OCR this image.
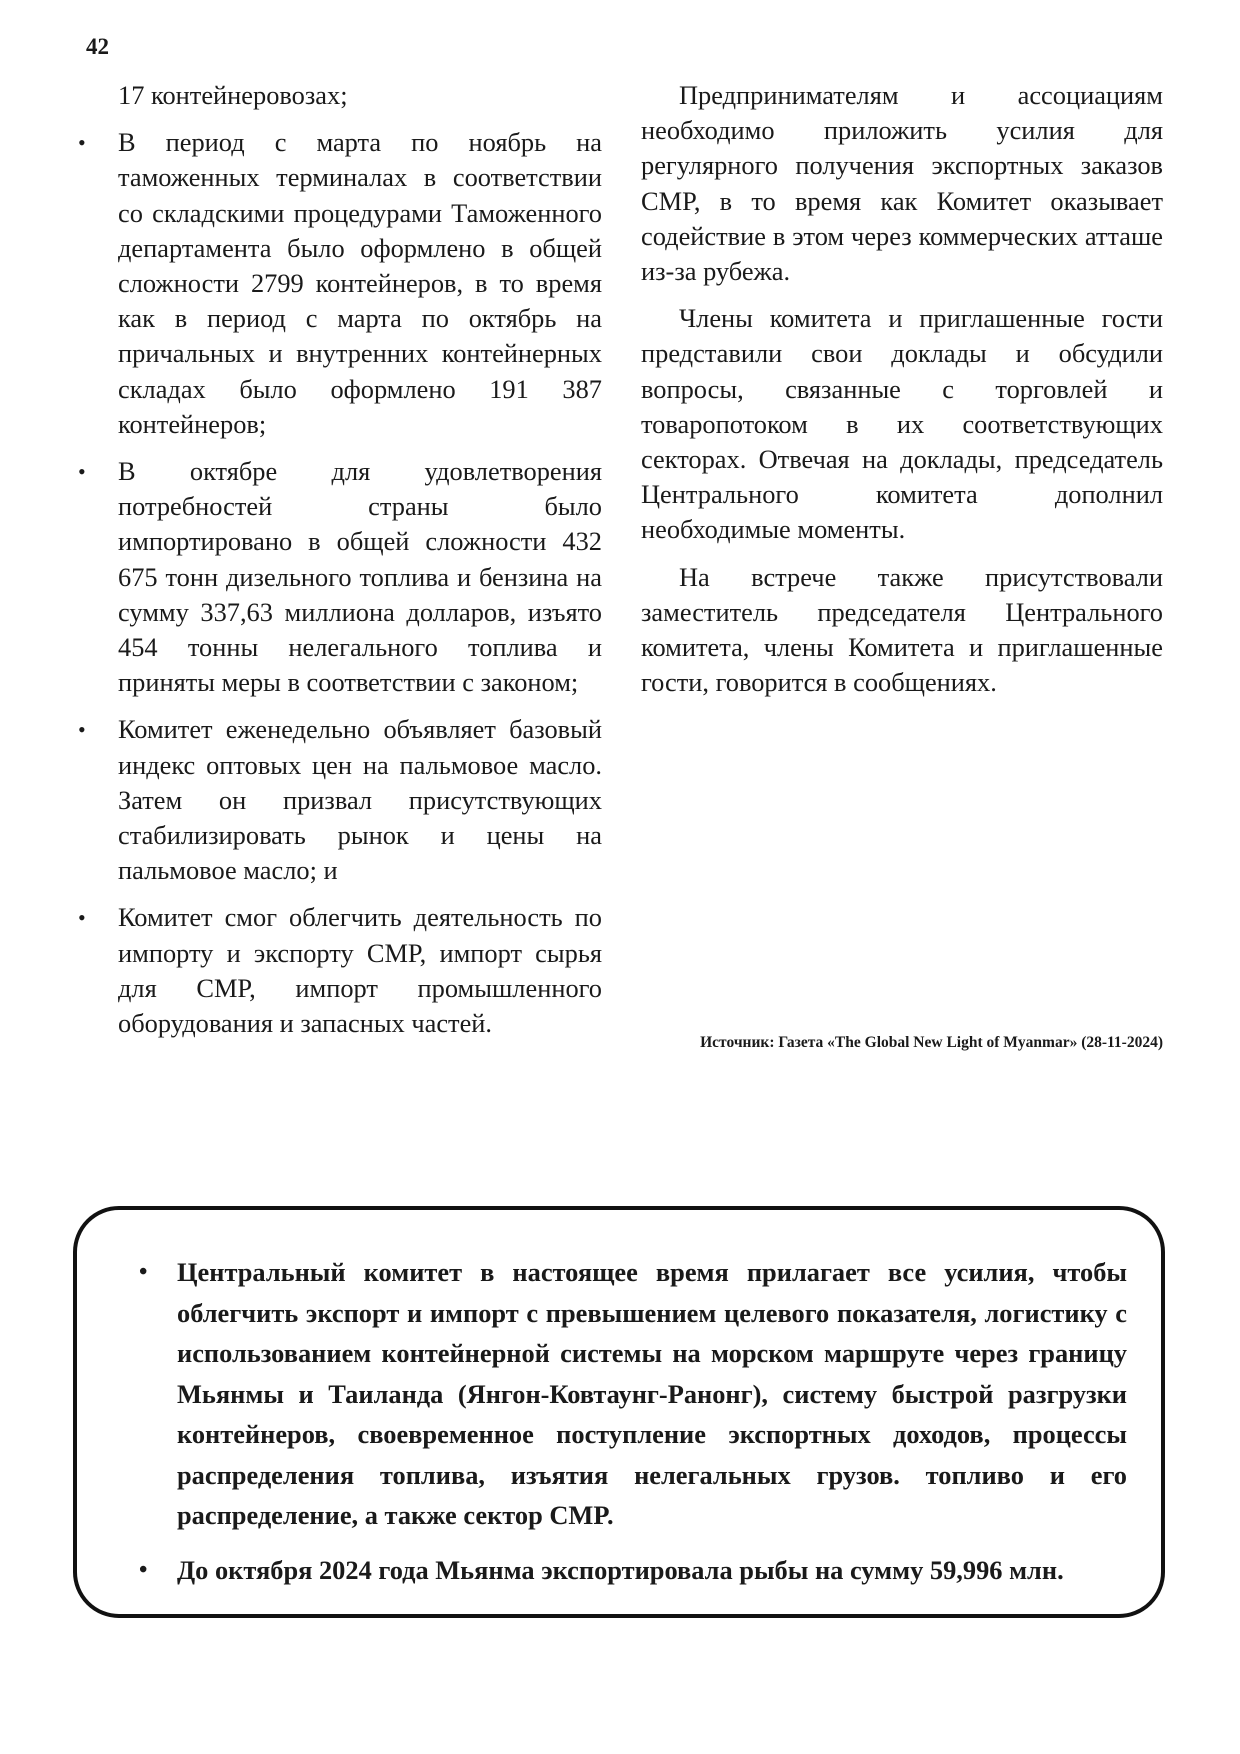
42

17 контейнеровозах;

• В период с марта по ноябрь на таможенных терминалах в соответствии со складскими процедурами Таможенного департамента было оформлено в общей сложности 2799 контейнеров, в то время как в период с марта по октябрь на причальных и внутренних контейнерных складах было оформлено 191 387 контейнеров;
• В октябре для удовлетворения потребностей страны было импортировано в общей сложности 432 675 тонн дизельного топлива и бензина на сумму 337,63 миллиона долларов, изъято 454 тонны нелегального топлива и приняты меры в соответствии с законом;
• Комитет еженедельно объявляет базовый индекс оптовых цен на пальмовое масло. Затем он призвал присутствующих стабилизировать рынок и цены на пальмовое масло; и
• Комитет смог облегчить деятельность по импорту и экспорту CMP, импорт сырья для CMP, импорт промышленного оборудования и запасных частей.

Предпринимателям и ассоциациям необходимо приложить усилия для регулярного получения экспортных заказов CMP, в то время как Комитет оказывает содействие в этом через коммерческих атташе из-за рубежа.

Члены комитета и приглашенные гости представили свои доклады и обсудили вопросы, связанные с торговлей и товаропотоком в их соответствующих секторах. Отвечая на доклады, председатель Центрального комитета дополнил необходимые моменты.

На встрече также присутствовали заместитель председателя Центрального комитета, члены Комитета и приглашенные гости, говорится в сообщениях.

Источник: Газета «The Global New Light of Myanmar» (28-11-2024)
• Центральный комитет в настоящее время прилагает все усилия, чтобы облегчить экспорт и импорт с превышением целевого показателя, логистику с использованием контейнерной системы на морском маршруте через границу Мьянмы и Таиланда (Янгон-Ковтаунг-Ранонг), систему быстрой разгрузки контейнеров, своевременное поступление экспортных доходов, процессы распределения топлива, изъятия нелегальных грузов. топливо и его распределение, а также сектор CMP.
• До октября 2024 года Мьянма экспортировала рыбы на сумму 59,996 млн.
